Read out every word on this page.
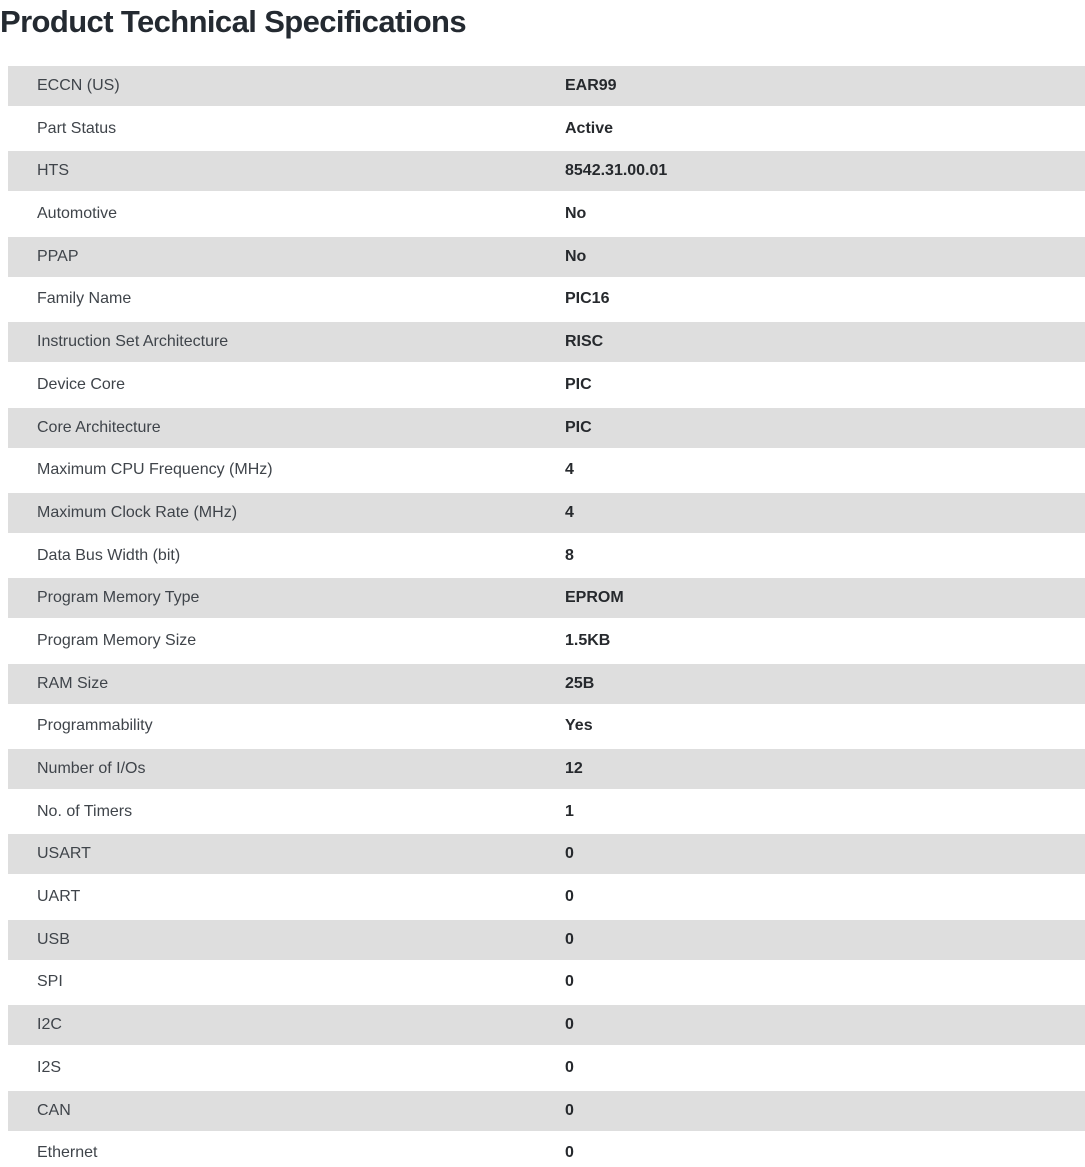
Product Technical Specifications
ECCN (US)	EAR99
Part Status	Active
HTS	8542.31.00.01
Automotive	No
PPAP	No
Family Name	PIC16
Instruction Set Architecture	RISC
Device Core	PIC
Core Architecture	PIC
Maximum CPU Frequency (MHz)	4
Maximum Clock Rate (MHz)	4
Data Bus Width (bit)	8
Program Memory Type	EPROM
Program Memory Size	1.5KB
RAM Size	25B
Programmability	Yes
Number of I/Os	12
No. of Timers	1
USART	0
UART	0
USB	0
SPI	0
I2C	0
I2S	0
CAN	0
Ethernet	0
